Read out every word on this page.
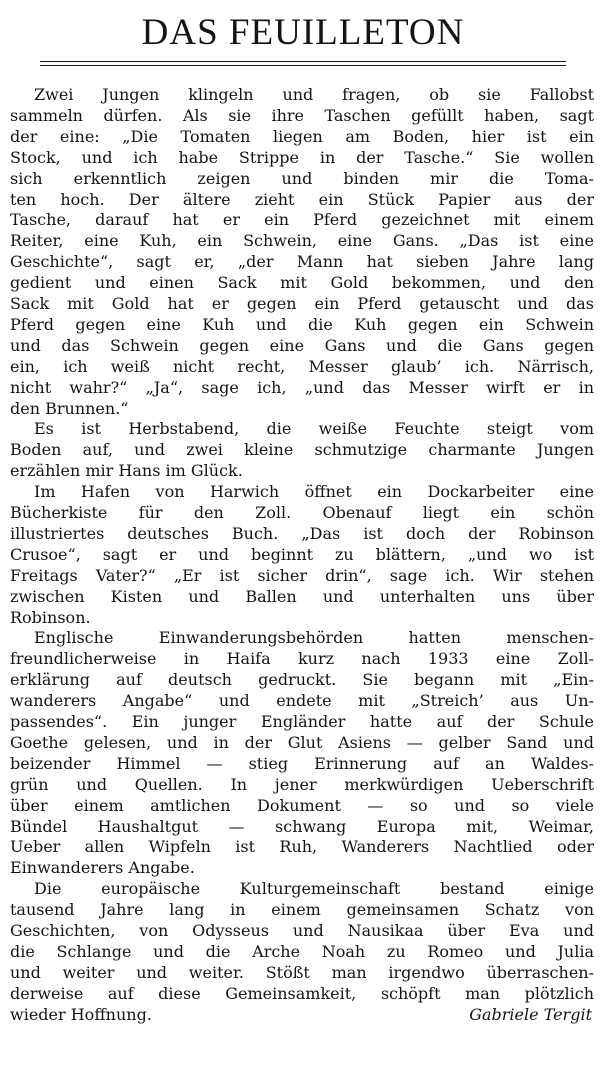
DAS FEUILLETON
Zwei Jungen klingeln und fragen, ob sie Fallobst
sammeln dürfen. Als sie ihre Taschen gefüllt haben, sagt
der eine: „Die Tomaten liegen am Boden, hier ist ein
Stock, und ich habe Strippe in der Tasche.“ Sie wollen
sich erkenntlich zeigen und binden mir die Toma-
ten hoch. Der ältere zieht ein Stück Papier aus der
Tasche, darauf hat er ein Pferd gezeichnet mit einem
Reiter, eine Kuh, ein Schwein, eine Gans. „Das ist eine
Geschichte“, sagt er, „der Mann hat sieben Jahre lang
gedient und einen Sack mit Gold bekommen, und den
Sack mit Gold hat er gegen ein Pferd getauscht und das
Pferd gegen eine Kuh und die Kuh gegen ein Schwein
und das Schwein gegen eine Gans und die Gans gegen
ein, ich weiß nicht recht, Messer glaub’ ich. Närrisch,
nicht wahr?“ „Ja“, sage ich, „und das Messer wirft er in
den Brunnen.“
Es ist Herbstabend, die weiße Feuchte steigt vom
Boden auf, und zwei kleine schmutzige charmante Jungen
erzählen mir Hans im Glück.
Im Hafen von Harwich öffnet ein Dockarbeiter eine
Bücherkiste für den Zoll. Obenauf liegt ein schön
illustriertes deutsches Buch. „Das ist doch der Robinson
Crusoe“, sagt er und beginnt zu blättern, „und wo ist
Freitags Vater?“ „Er ist sicher drin“, sage ich. Wir stehen
zwischen Kisten und Ballen und unterhalten uns über
Robinson.
Englische Einwanderungsbehörden hatten menschen-
freundlicherweise in Haifa kurz nach 1933 eine Zoll-
erklärung auf deutsch gedruckt. Sie begann mit „Ein-
wanderers Angabe“ und endete mit „Streich’ aus Un-
passendes“. Ein junger Engländer hatte auf der Schule
Goethe gelesen, und in der Glut Asiens — gelber Sand und
beizender Himmel — stieg Erinnerung auf an Waldes-
grün und Quellen. In jener merkwürdigen Ueberschrift
über einem amtlichen Dokument — so und so viele
Bündel Haushaltgut — schwang Europa mit, Weimar,
Ueber allen Wipfeln ist Ruh, Wanderers Nachtlied oder
Einwanderers Angabe.
Die europäische Kulturgemeinschaft bestand einige
tausend Jahre lang in einem gemeinsamen Schatz von
Geschichten, von Odysseus und Nausikaa über Eva und
die Schlange und die Arche Noah zu Romeo und Julia
und weiter und weiter. Stößt man irgendwo überraschen-
derweise auf diese Gemeinsamkeit, schöpft man plötzlich
wieder Hoffnung.	Gabriele Tergit
